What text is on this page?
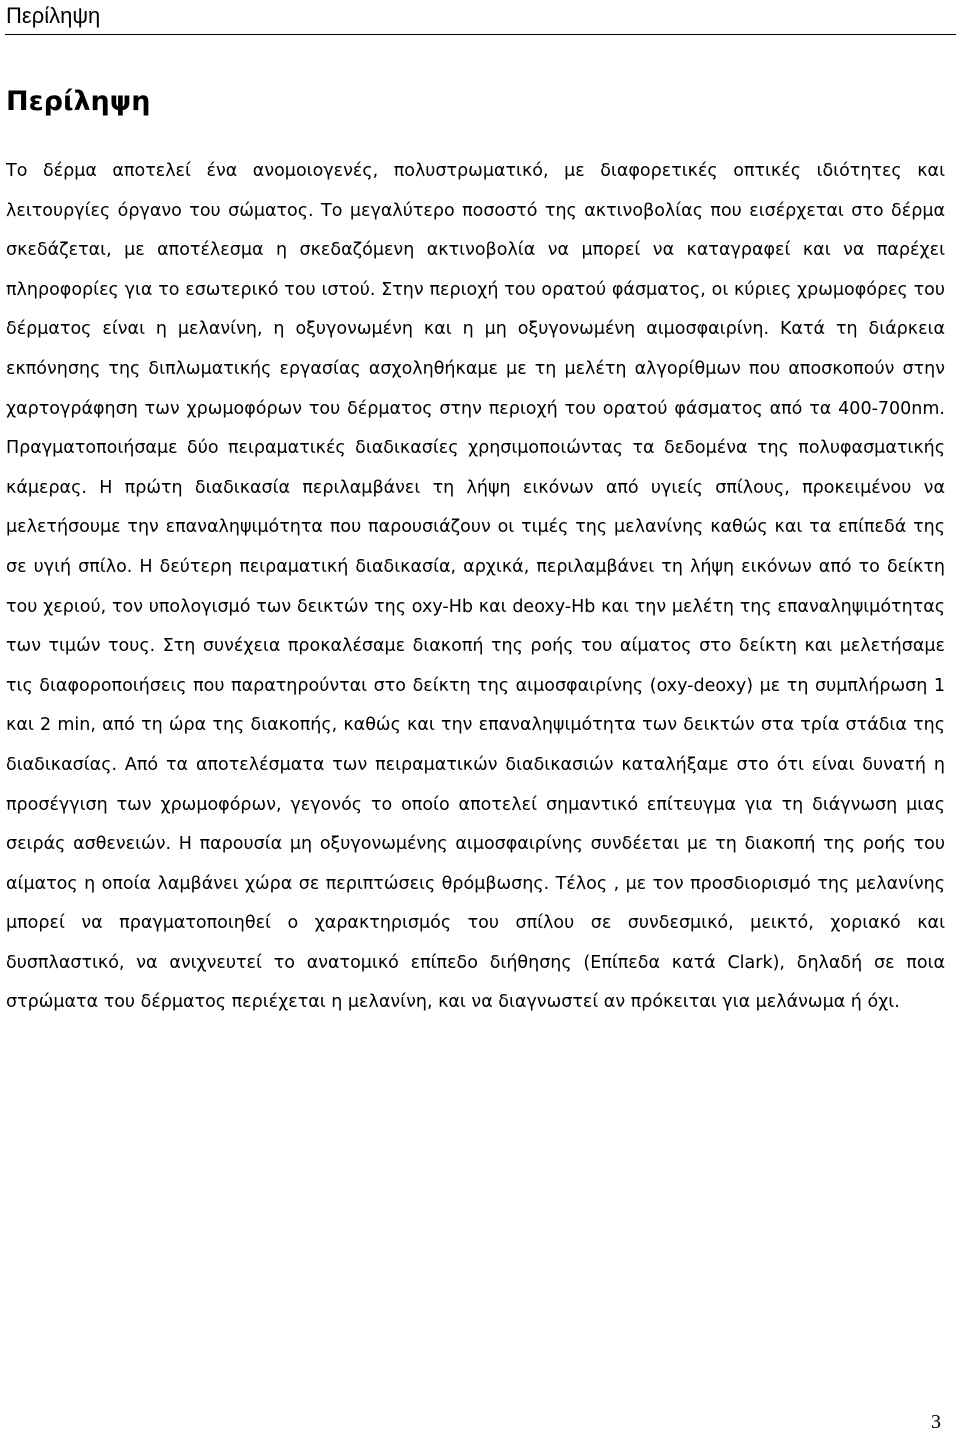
Περίληψη
Περίληψη

Το δέρμα αποτελεί ένα ανομοιογενές, πολυστρωματικό, με διαφορετικές οπτικές ιδιότητες και λειτουργίες όργανο του σώματος. Το μεγαλύτερο ποσοστό της ακτινοβολίας που εισέρχεται στο δέρμα σκεδάζεται, με αποτέλεσμα η σκεδαζόμενη ακτινοβολία να μπορεί να καταγραφεί και να παρέχει πληροφορίες για το εσωτερικό του ιστού. Στην περιοχή του ορατού φάσματος, οι κύριες χρωμοφόρες του δέρματος είναι η μελανίνη, η οξυγονωμένη και η μη οξυγονωμένη αιμοσφαιρίνη. Κατά τη διάρκεια εκπόνησης της διπλωματικής εργασίας ασχοληθήκαμε με τη μελέτη αλγορίθμων που αποσκοπούν στην χαρτογράφηση των χρωμοφόρων του δέρματος στην περιοχή του ορατού φάσματος από τα 400-700nm. Πραγματοποιήσαμε δύο πειραματικές διαδικασίες χρησιμοποιώντας τα δεδομένα της πολυφασματικής κάμερας. Η πρώτη διαδικασία περιλαμβάνει τη λήψη εικόνων από υγιείς σπίλους, προκειμένου να μελετήσουμε την επαναληψιμότητα που παρουσιάζουν οι τιμές της μελανίνης καθώς και τα επίπεδά της σε υγιή σπίλο. Η δεύτερη πειραματική διαδικασία, αρχικά, περιλαμβάνει τη λήψη εικόνων από το δείκτη του χεριού, τον υπολογισμό των δεικτών της oxy-Hb και deoxy-Hb και την μελέτη της επαναληψιμότητας των τιμών τους. Στη συνέχεια προκαλέσαμε διακοπή της ροής του αίματος στο δείκτη και μελετήσαμε τις διαφοροποιήσεις που παρατηρούνται στο δείκτη της αιμοσφαιρίνης (oxy-deoxy) με τη συμπλήρωση 1 και 2 min, από τη ώρα της διακοπής, καθώς και την επαναληψιμότητα των δεικτών στα τρία στάδια της διαδικασίας. Από τα αποτελέσματα των πειραματικών διαδικασιών καταλήξαμε στο ότι είναι δυνατή η προσέγγιση των χρωμοφόρων, γεγονός το οποίο αποτελεί σημαντικό επίτευγμα για τη διάγνωση μιας σειράς ασθενειών. Η παρουσία μη οξυγονωμένης αιμοσφαιρίνης συνδέεται με τη διακοπή της ροής του αίματος η οποία λαμβάνει χώρα σε περιπτώσεις θρόμβωσης. Τέλος , με τον προσδιορισμό της μελανίνης μπορεί να πραγματοποιηθεί ο χαρακτηρισμός του σπίλου σε συνδεσμικό, μεικτό, χοριακό και δυσπλαστικό, να ανιχνευτεί το ανατομικό επίπεδο διήθησης (Επίπεδα κατά Clark), δηλαδή σε ποια στρώματα του δέρματος περιέχεται η μελανίνη, και να διαγνωστεί αν πρόκειται για μελάνωμα ή όχι.

3
